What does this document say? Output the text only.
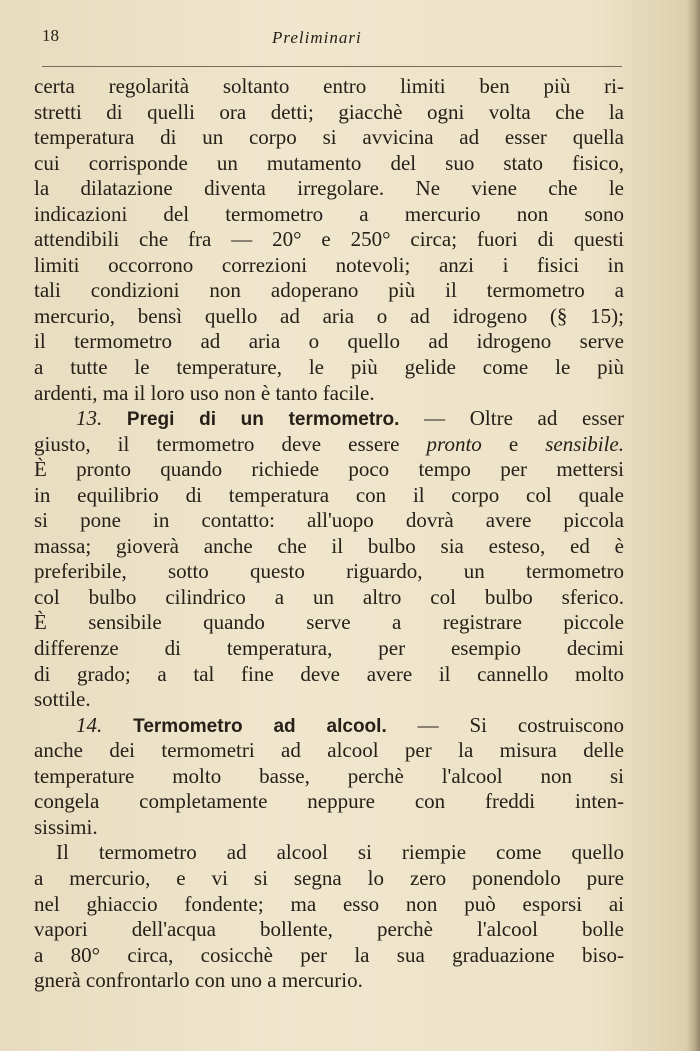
18	Preliminari
certa regolarità soltanto entro limiti ben più ri-
stretti di quelli ora detti; giacchè ogni volta che la
temperatura di un corpo si avvicina ad esser quella
cui corrisponde un mutamento del suo stato fisico,
la dilatazione diventa irregolare. Ne viene che le
indicazioni del termometro a mercurio non sono
attendibili che fra — 20° e 250° circa; fuori di questi
limiti occorrono correzioni notevoli; anzi i fisici in
tali condizioni non adoperano più il termometro a
mercurio, bensì quello ad aria o ad idrogeno (§ 15);
il termometro ad aria o quello ad idrogeno serve
a tutte le temperature, le più gelide come le più
ardenti, ma il loro uso non è tanto facile.
13. Pregi di un termometro. — Oltre ad esser
giusto, il termometro deve essere pronto e sensibile.
È pronto quando richiede poco tempo per mettersi
in equilibrio di temperatura con il corpo col quale
si pone in contatto: all'uopo dovrà avere piccola
massa; gioverà anche che il bulbo sia esteso, ed è
preferibile, sotto questo riguardo, un termometro
col bulbo cilindrico a un altro col bulbo sferico.
È sensibile quando serve a registrare piccole
differenze di temperatura, per esempio decimi
di grado; a tal fine deve avere il cannello molto
sottile.
14. Termometro ad alcool. — Si costruiscono
anche dei termometri ad alcool per la misura delle
temperature molto basse, perchè l'alcool non si
congela completamente neppure con freddi inten-
sissimi.
Il termometro ad alcool si riempie come quello
a mercurio, e vi si segna lo zero ponendolo pure
nel ghiaccio fondente; ma esso non può esporsi ai
vapori dell'acqua bollente, perchè l'alcool bolle
a 80° circa, cosicchè per la sua graduazione biso-
gnerà confrontarlo con uno a mercurio.
